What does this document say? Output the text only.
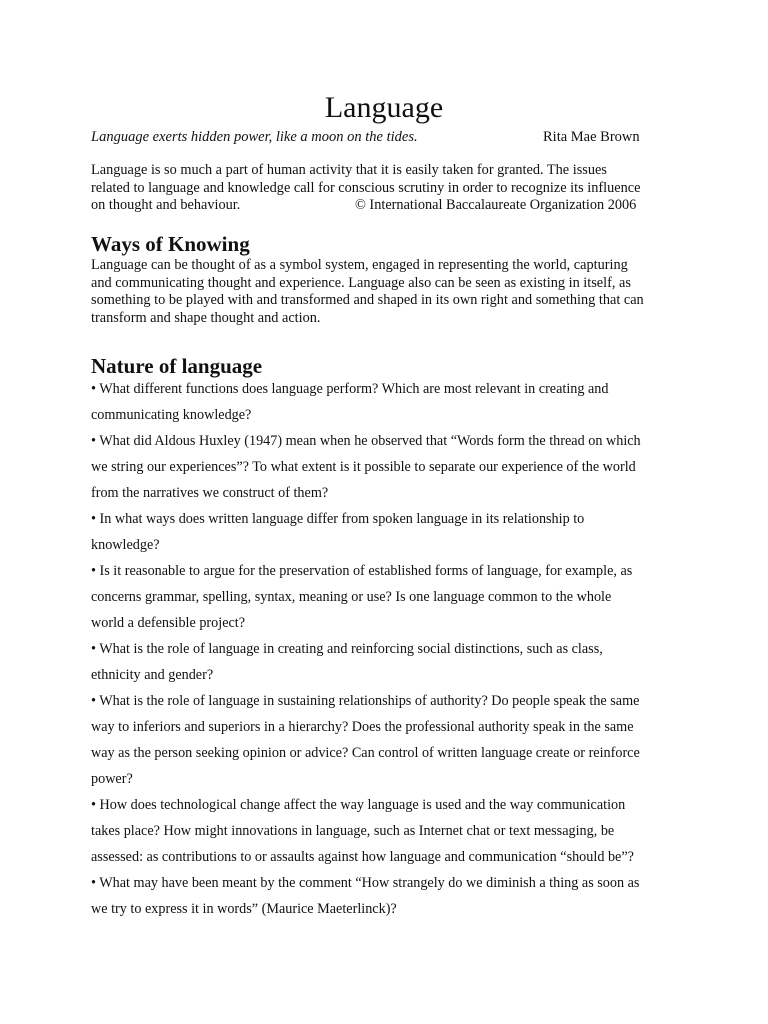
Language
Language exerts hidden power, like a moon on the tides.	Rita Mae Brown
Language is so much a part of human activity that it is easily taken for granted. The issues
related to language and knowledge call for conscious scrutiny in order to recognize its influence
on thought and behaviour.	© International Baccalaureate Organization 2006
Ways of Knowing
Language can be thought of as a symbol system, engaged in representing the world, capturing
and communicating thought and experience. Language also can be seen as existing in itself, as
something to be played with and transformed and shaped in its own right and something that can
transform and shape thought and action.
Nature of language
• What different functions does language perform? Which are most relevant in creating and
communicating knowledge?
• What did Aldous Huxley (1947) mean when he observed that “Words form the thread on which
we string our experiences”? To what extent is it possible to separate our experience of the world
from the narratives we construct of them?
• In what ways does written language differ from spoken language in its relationship to
knowledge?
• Is it reasonable to argue for the preservation of established forms of language, for example, as
concerns grammar, spelling, syntax, meaning or use? Is one language common to the whole
world a defensible project?
• What is the role of language in creating and reinforcing social distinctions, such as class,
ethnicity and gender?
• What is the role of language in sustaining relationships of authority? Do people speak the same
way to inferiors and superiors in a hierarchy? Does the professional authority speak in the same
way as the person seeking opinion or advice? Can control of written language create or reinforce
power?
• How does technological change affect the way language is used and the way communication
takes place? How might innovations in language, such as Internet chat or text messaging, be
assessed: as contributions to or assaults against how language and communication “should be”?
• What may have been meant by the comment “How strangely do we diminish a thing as soon as
we try to express it in words” (Maurice Maeterlinck)?
